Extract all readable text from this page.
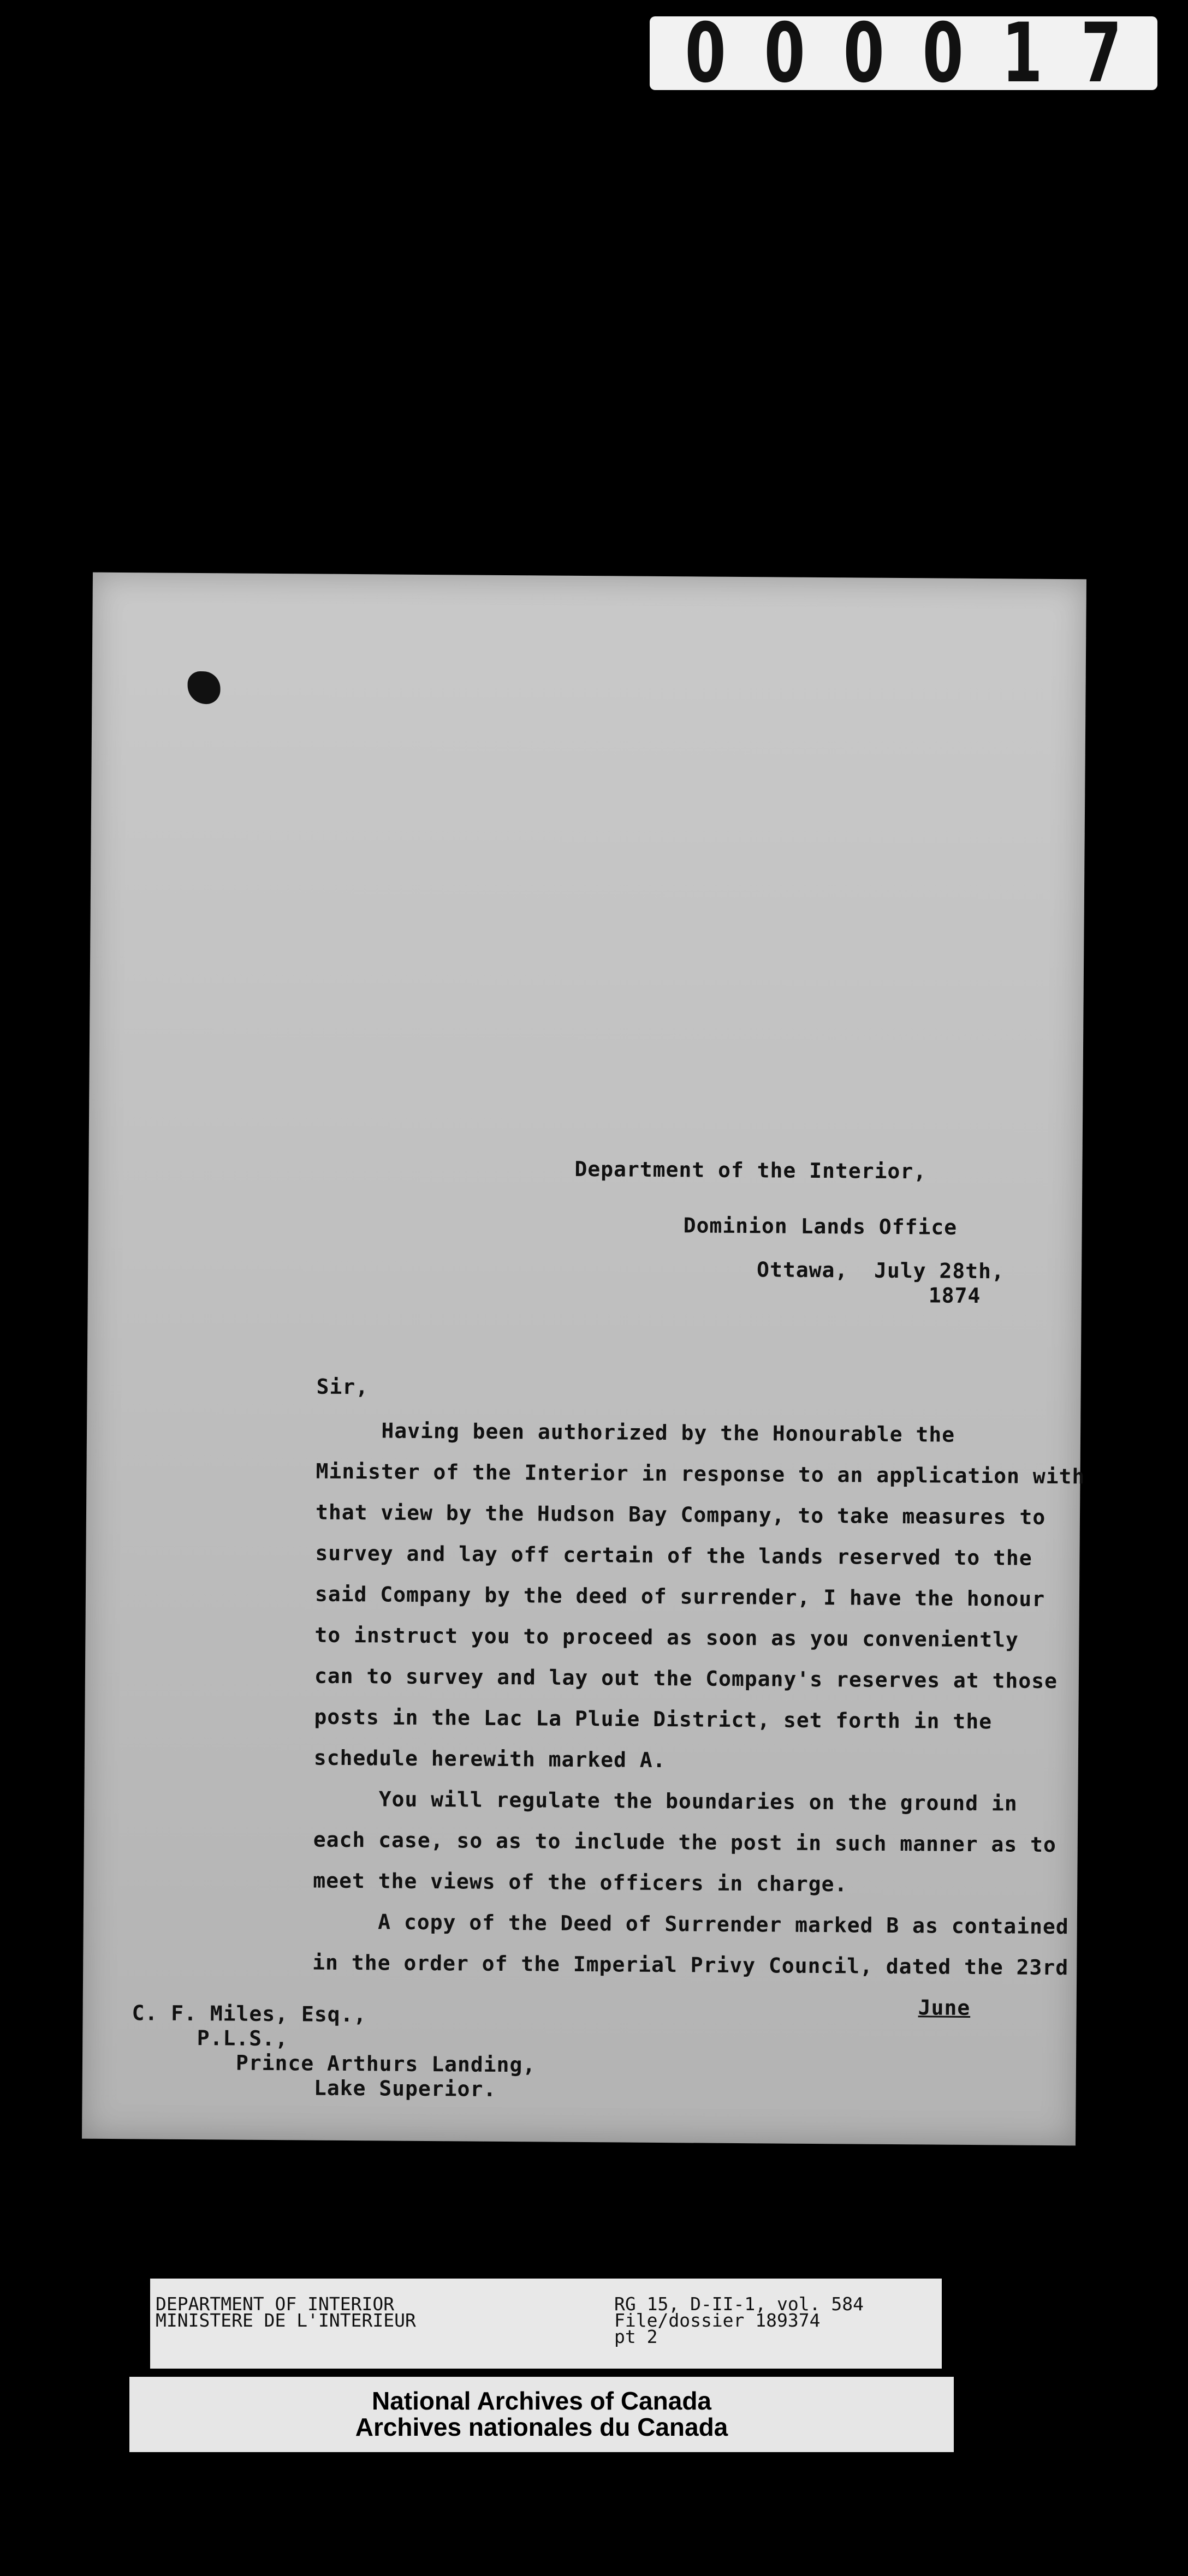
0 0 0 0 1 7
Department of the Interior,
Dominion Lands Office
Ottawa,  July 28th,
1874
Sir,
Having been authorized by the Honourable the
Minister of the Interior in response to an application with
that view by the Hudson Bay Company, to take measures to
survey and lay off certain of the lands reserved to the
said Company by the deed of surrender, I have the honour
to instruct you to proceed as soon as you conveniently
can to survey and lay out the Company's reserves at those
posts in the Lac La Pluie District, set forth in the
schedule herewith marked A.
You will regulate the boundaries on the ground in
each case, so as to include the post in such manner as to
meet the views of the officers in charge.
A copy of the Deed of Surrender marked B as contained
in the order of the Imperial Privy Council, dated the 23rd
June
C. F. Miles, Esq.,
P.L.S.,
Prince Arthurs Landing,
Lake Superior.
DEPARTMENT OF INTERIOR
MINISTERE DE L'INTERIEUR
RG 15, D-II-1, vol. 584
File/dossier 189374
pt 2
National Archives of Canada
Archives nationales du Canada
